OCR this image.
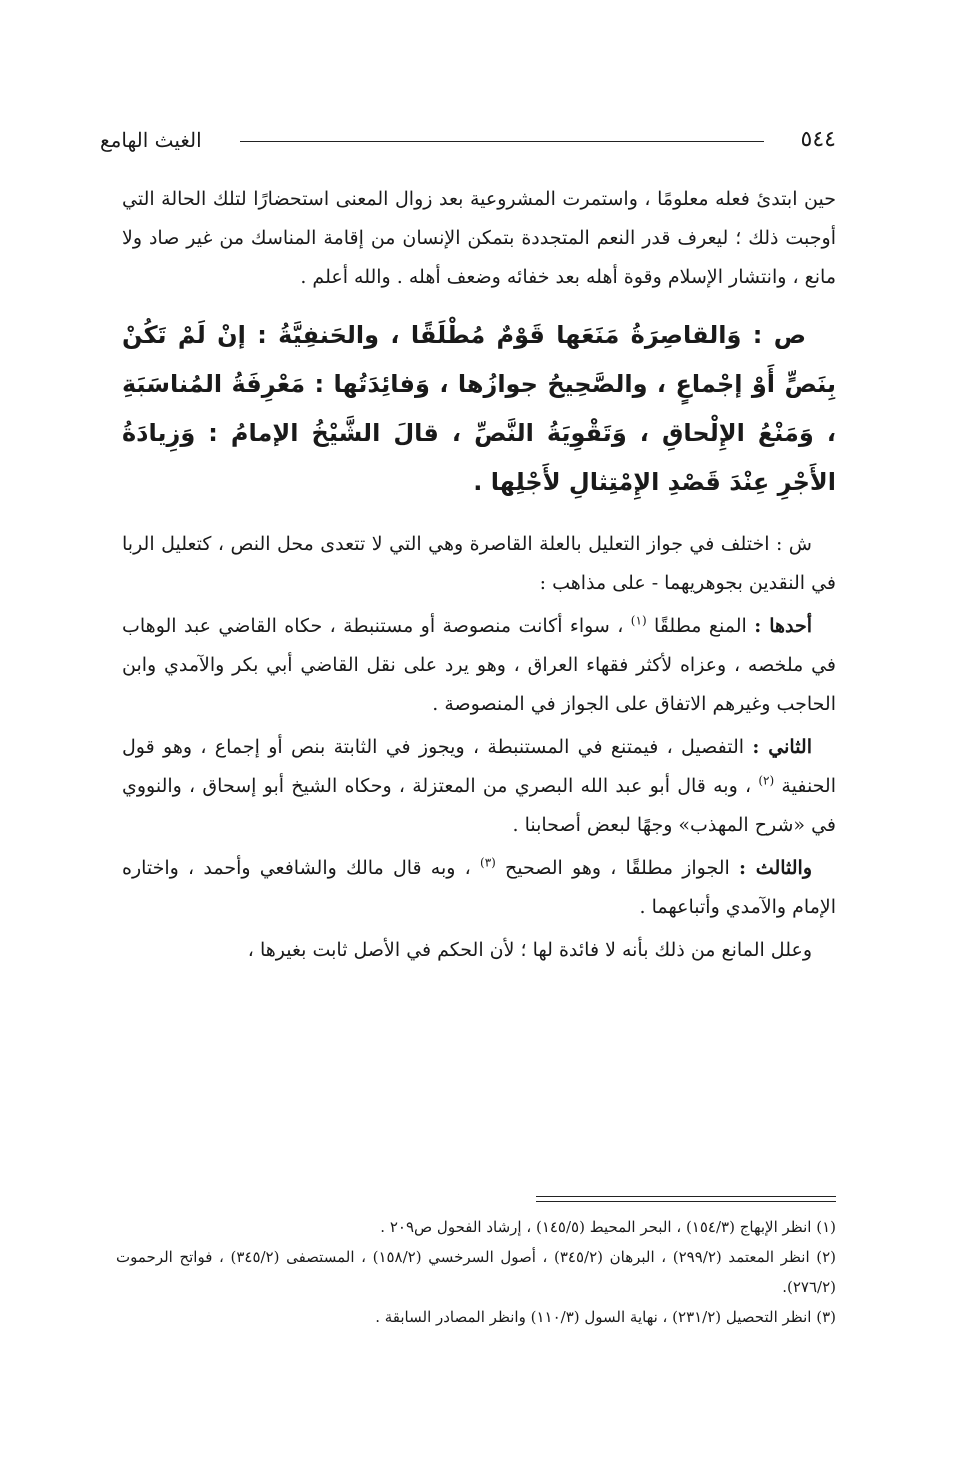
٥٤٤
الغيث الهامع

حين ابتدئ فعله معلومًا ، واستمرت المشروعية بعد زوال المعنى استحضارًا لتلك الحالة التي أوجبت ذلك ؛ ليعرف قدر النعم المتجددة بتمكن الإنسان من إقامة المناسك من غير صاد ولا مانع ، وانتشار الإسلام وقوة أهله بعد خفائه وضعف أهله . والله أعلم .

ص : وَالقاصِرَةُ مَنَعَها قَوْمٌ مُطْلَقًا ، والحَنفِيَّةُ : إنْ لَمْ تَكُنْ بِنَصٍّ أَوْ إجْماعٍ ، والصَّحِيحُ جوازُها ، وَفائِدَتُها : مَعْرِفَةُ المُناسَبَةِ ، وَمَنْعُ الإِلْحاقِ ، وَتَقْوِيَةُ النَّصِّ ، قالَ الشَّيْخُ الإمامُ : وَزِيادَةُ الأَجْرِ عِنْدَ قَصْدِ الإِمْتِثالِ لأَجْلِها .

ش : اختلف في جواز التعليل بالعلة القاصرة وهي التي لا تتعدى محل النص ، كتعليل الربا في النقدين بجوهريهما - على مذاهب :

أحدها : المنع مطلقًا $^{(١)}$ ، سواء أكانت منصوصة أو مستنبطة ، حكاه القاضي عبد الوهاب في ملخصه ، وعزاه لأكثر فقهاء العراق ، وهو يرد على نقل القاضي أبي بكر والآمدي وابن الحاجب وغيرهم الاتفاق على الجواز في المنصوصة .

الثاني : التفصيل ، فيمتنع في المستنبطة ، ويجوز في الثابتة بنص أو إجماع ، وهو قول الحنفية $^{(٢)}$ ، وبه قال أبو عبد الله البصري من المعتزلة ، وحكاه الشيخ أبو إسحاق ، والنووي في «شرح المهذب» وجهًا لبعض أصحابنا .

والثالث : الجواز مطلقًا ، وهو الصحيح $^{(٣)}$ ، وبه قال مالك والشافعي وأحمد ، واختاره الإمام والآمدي وأتباعهما .

وعلل المانع من ذلك بأنه لا فائدة لها ؛ لأن الحكم في الأصل ثابت بغيرها ،

(١) انظر الإبهاج (١٥٤/٣) ، البحر المحيط (١٤٥/٥) ، إرشاد الفحول ص٢٠٩ .

(٢) انظر المعتمد (٢٩٩/٢) ، البرهان (٣٤٥/٢) ، أصول السرخسي (١٥٨/٢) ، المستصفى (٣٤٥/٢) ، فواتح الرحموت (٢٧٦/٢).

(٣) انظر التحصيل (٢٣١/٢) ، نهاية السول (١١٠/٣) وانظر المصادر السابقة .
